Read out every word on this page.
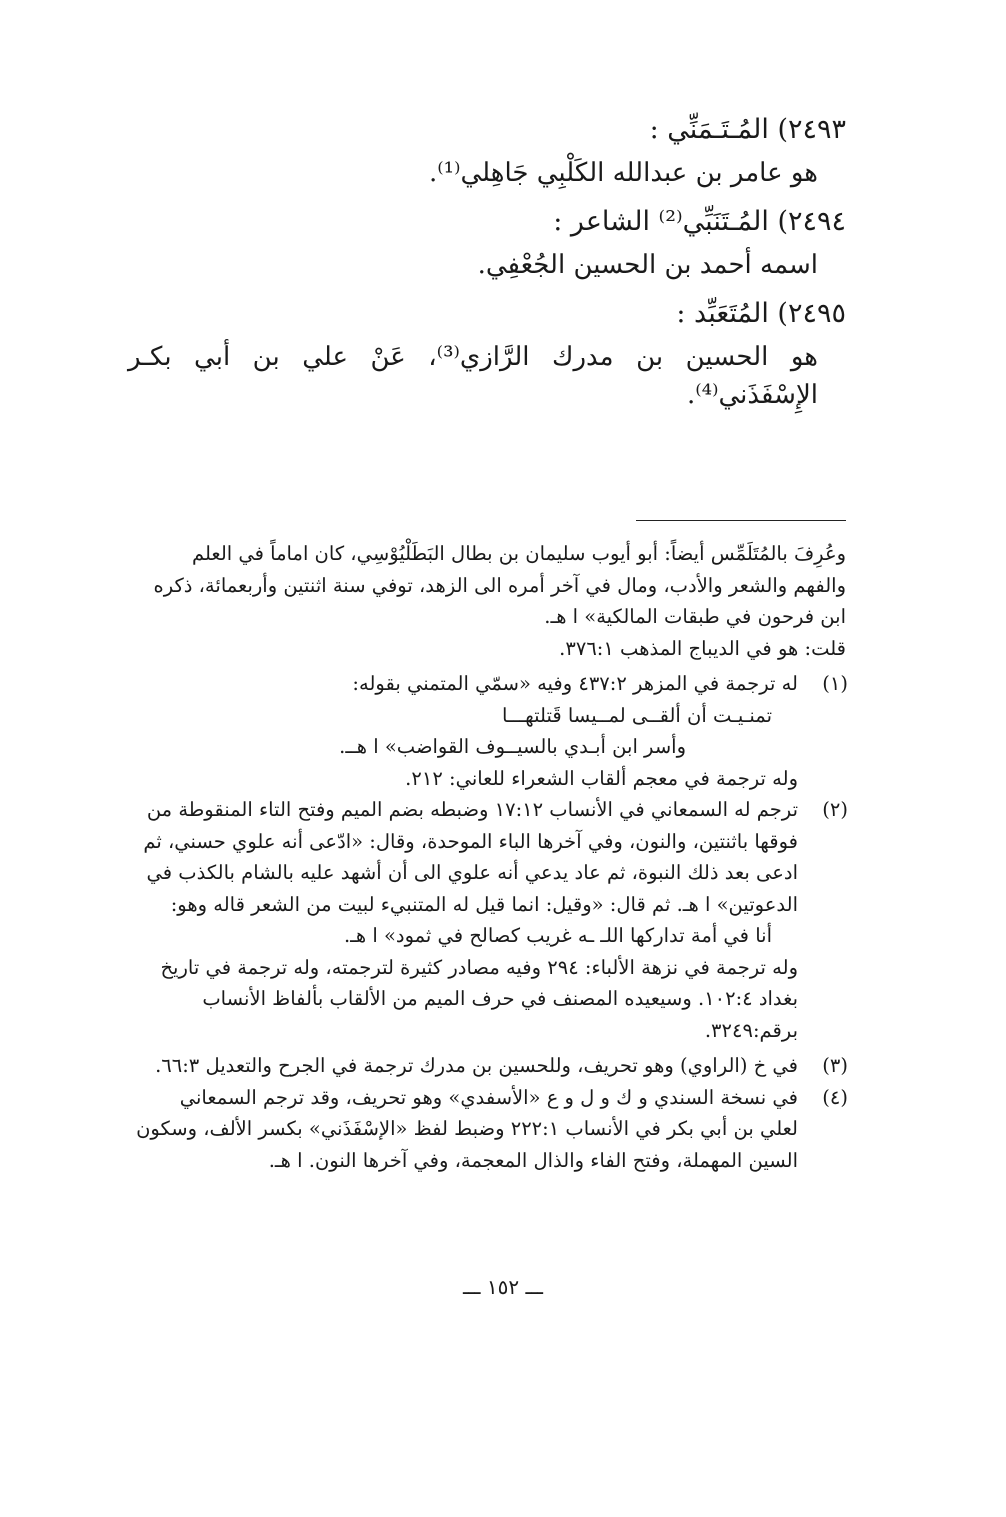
٢٤٩٣) المُـتَـمَنِّي :
هو عامر بن عبدالله الكَلْبِي جَاهِلي⁽¹⁾.
٢٤٩٤) المُـتَنَبِّي⁽²⁾ الشاعر :
اسمه أحمد بن الحسين الجُعْفِي.
٢٤٩٥) المُتَعَبِّد :
هو الحسين بن مدرك الرَّازي⁽³⁾، عَنْ علي بن أبي بكـر الإِسْفَذَني⁽⁴⁾.
وعُرِفَ بالمُتَلَمِّس أيضاً: أبو أيوب سليمان بن بطال البَطَلْيُوْسِي، كان اماماً في العلم
والفهم والشعر والأدب، ومال في آخر أمره الى الزهد، توفي سنة اثنتين وأربعمائة، ذكره
ابن فرحون في طبقات المالكية» ا هـ.
قلت: هو في الديباج المذهب ٣٧٦:١.
(١)
له ترجمة في المزهر ٤٣٧:٢ وفيه «سمّي المتمني بقوله:
تمنـيـت أن ألقــى لمــيسا قَتلتهـــا
وأسر ابن أبـدي بالسيــوف القواضب» ا هــ.
وله ترجمة في معجم ألقاب الشعراء للعاني: ٢١٢.
(٢)
ترجم له السمعاني في الأنساب ١٧:١٢ وضبطه بضم الميم وفتح التاء المنقوطة من
فوقها باثنتين، والنون، وفي آخرها الباء الموحدة، وقال: «ادّعى أنه علوي حسني، ثم
ادعى بعد ذلك النبوة، ثم عاد يدعي أنه علوي الى أن أشهد عليه بالشام بالكذب في
الدعوتين» ا هـ. ثم قال: «وقيل: انما قيل له المتنبيء لبيت من الشعر قاله وهو:
أنا في أمة تداركها اللـ ـه غريب كصالح في ثمود» ا هـ.
وله ترجمة في نزهة الألباء: ٢٩٤ وفيه مصادر كثيرة لترجمته، وله ترجمة في تاريخ
بغداد ١٠٢:٤. وسيعيده المصنف في حرف الميم من الألقاب بألفاظ الأنساب
برقم:٣٢٤٩.
(٣)
في خ (الراوي) وهو تحريف، وللحسين بن مدرك ترجمة في الجرح والتعديل ٦٦:٣.
(٤)
في نسخة السندي و ك و ل و ع «الأسفدي» وهو تحريف، وقد ترجم السمعاني
لعلي بن أبي بكر في الأنساب ٢٢٢:١ وضبط لفظ «الإسْفَذَني» بكسر الألف، وسكون
السين المهملة، وفتح الفاء والذال المعجمة، وفي آخرها النون. ا هـ.
ـــ ١٥٢ ـــ
